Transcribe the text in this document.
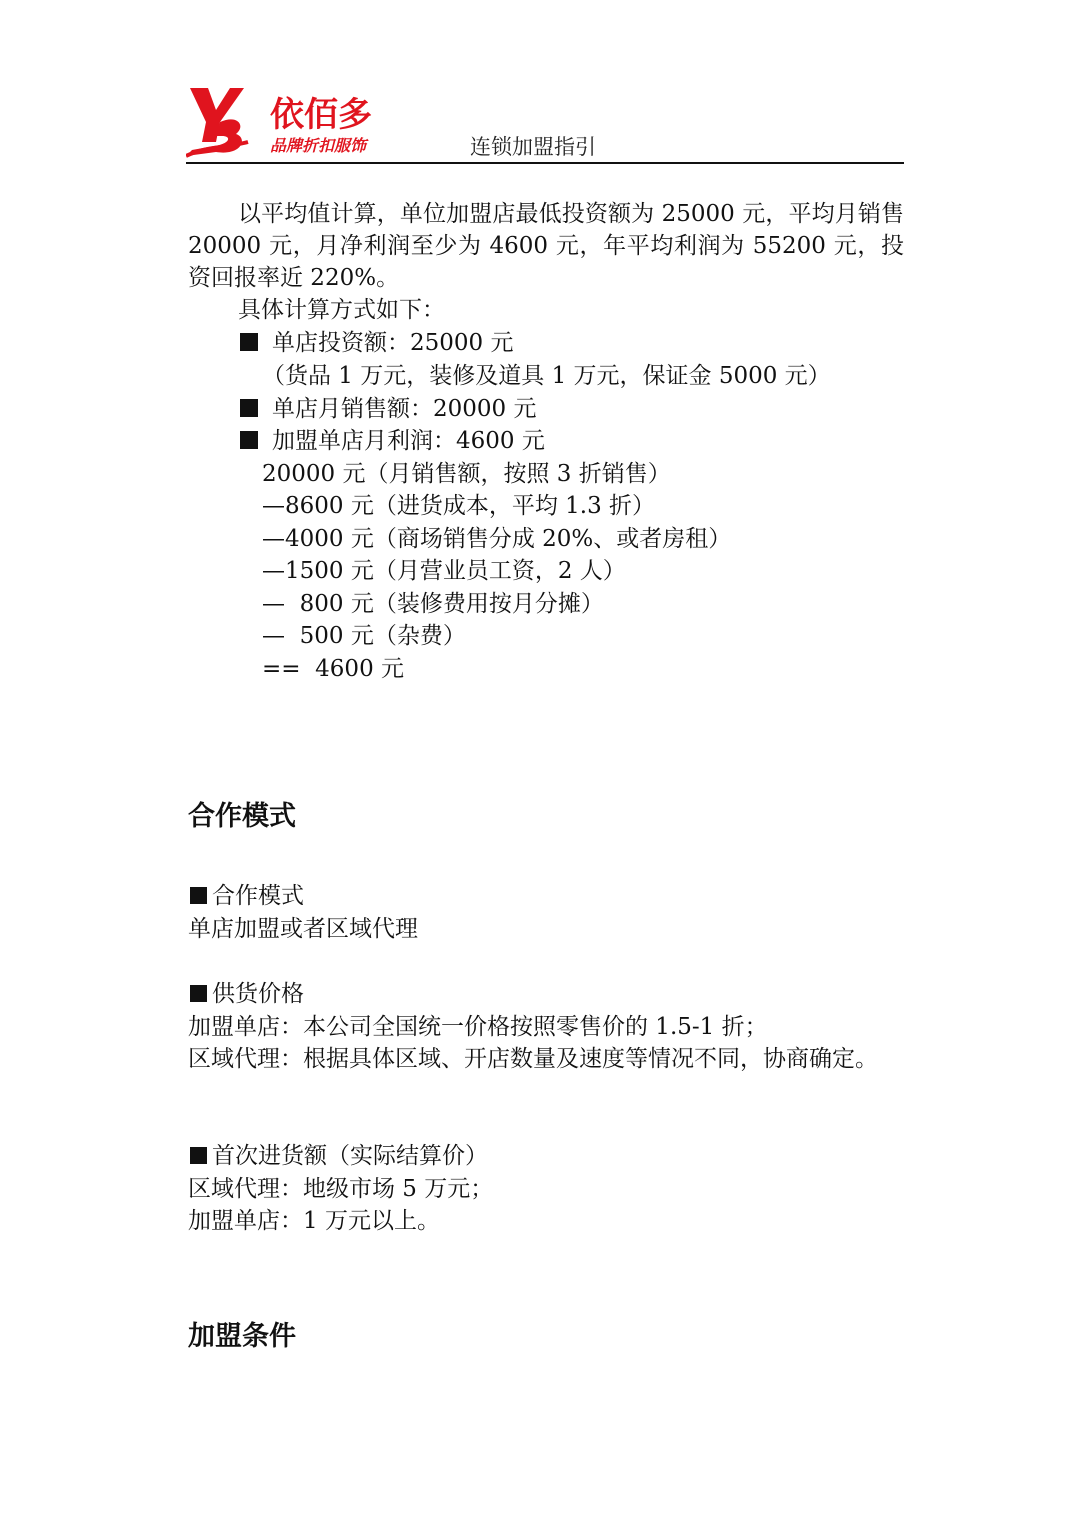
依佰多
品牌折扣服饰	连锁加盟指引
以平均值计算，单位加盟店最低投资额为 25000 元，平均月销售 20000 元，月净利润至少为 4600 元，年平均利润为 55200 元，投资回报率近 220%。
具体计算方式如下：
单店投资额：25000 元
（货品 1 万元，装修及道具 1 万元，保证金 5000 元）
单店月销售额：20000 元
加盟单店月利润：4600 元
20000 元（月销售额，按照 3 折销售）
—8600 元（进货成本，平均 1.3 折）
—4000 元（商场销售分成 20%、或者房租）
—1500 元（月营业员工资，2 人）
—  800 元（装修费用按月分摊）
—  500 元（杂费）
==  4600 元
合作模式
合作模式
单店加盟或者区域代理
供货价格
加盟单店：本公司全国统一价格按照零售价的 1.5-1 折；
区域代理：根据具体区域、开店数量及速度等情况不同，协商确定。
首次进货额（实际结算价）
区域代理：地级市场 5 万元；
加盟单店：1 万元以上。
加盟条件
